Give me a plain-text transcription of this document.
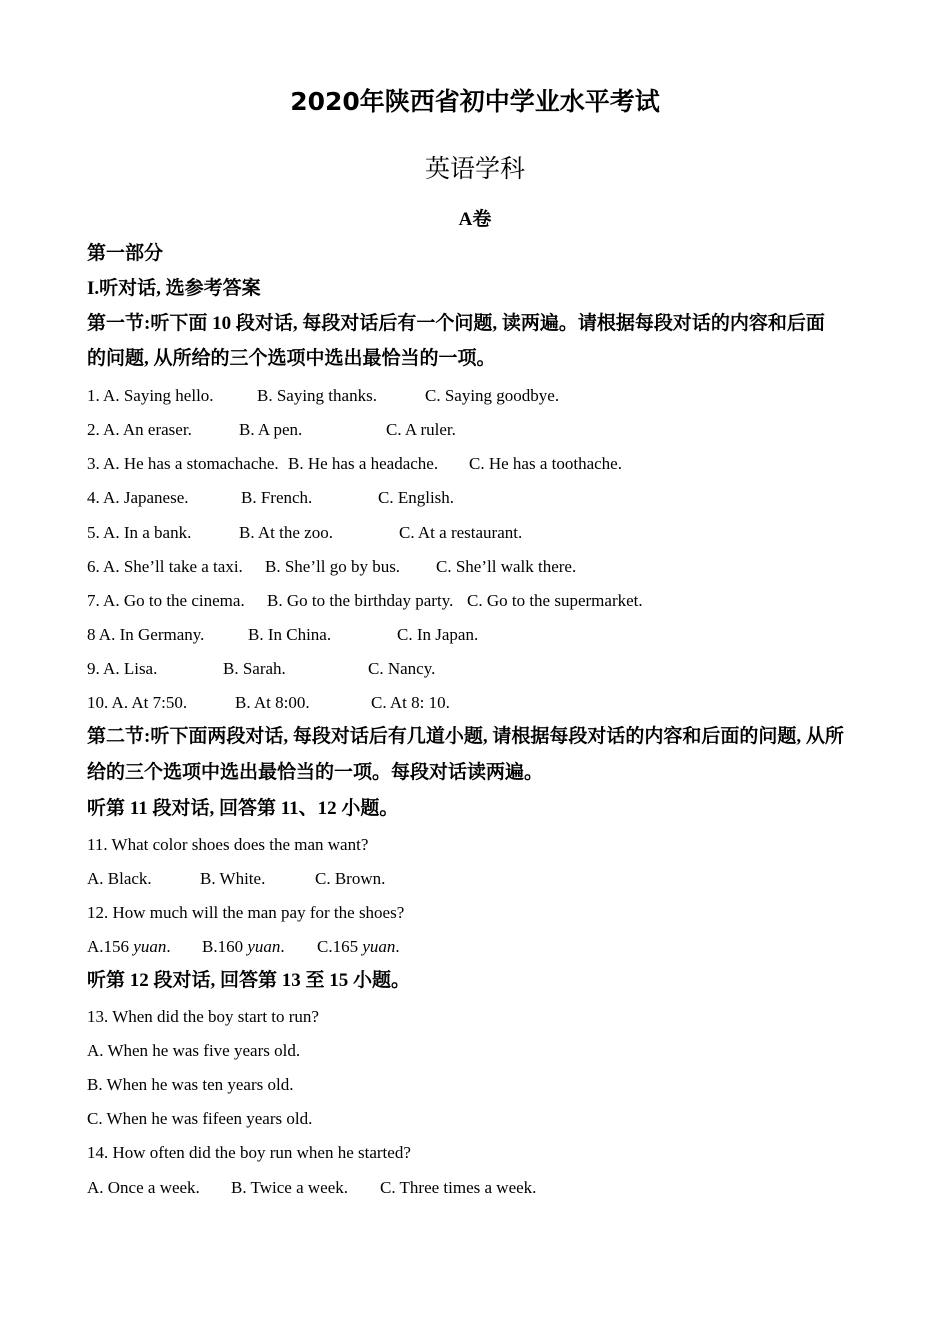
2020年陕西省初中学业水平考试
英语学科
A卷
第一部分
I.听对话, 选参考答案
第一节:听下面 10 段对话, 每段对话后有一个问题, 读两遍。请根据每段对话的内容和后面
的问题, 从所给的三个选项中选出最恰当的一项。
1. A. Saying hello.	B. Saying thanks.	C. Saying goodbye.
2. A. An eraser.	B. A pen.	C. A ruler.
3. A. He has a stomachache. B. He has a headache. C. He has a toothache.
4. A. Japanese.	B. French.	C. English.
5. A. In a bank.	B. At the zoo.	C. At a restaurant.
6. A. She’ll take a taxi. B. She’ll go by bus. C. She’ll walk there.
7. A. Go to the cinema. B. Go to the birthday party. C. Go to the supermarket.
8 A. In Germany.	B. In China.	C. In Japan.
9. A. Lisa.	B. Sarah.	C. Nancy.
10. A. At 7:50.	B. At 8:00.	C. At 8: 10.
第二节:听下面两段对话, 每段对话后有几道小题, 请根据每段对话的内容和后面的问题, 从所
给的三个选项中选出最恰当的一项。每段对话读两遍。
听第 11 段对话, 回答第 11、12 小题。
11. What color shoes does the man want?
A. Black.	B. White.	C. Brown.
12. How much will the man pay for the shoes?
A.156 yuan. B.160 yuan. C.165 yuan.
听第 12 段对话, 回答第 13 至 15 小题。
13. When did the boy start to run?
A. When he was five years old.
B. When he was ten years old.
C. When he was fifeen years old.
14. How often did the boy run when he started?
A. Once a week. B. Twice a week. C. Three times a week.
